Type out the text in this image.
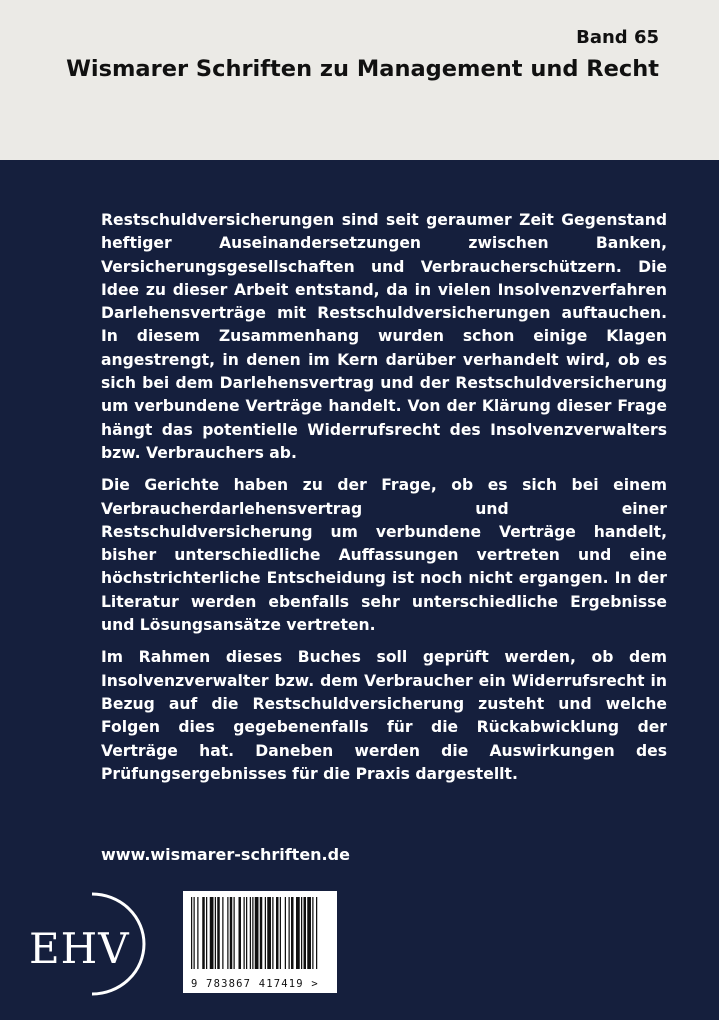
Band 65
Wismarer Schriften zu Management und Recht

Restschuldversicherungen sind seit geraumer Zeit Gegenstand heftiger Auseinandersetzungen zwischen Banken, Versicherungsgesellschaften und Verbraucherschützern. Die Idee zu dieser Arbeit entstand, da in vielen Insolvenzverfahren Darlehensverträge mit Restschuldversicherungen auftauchen. In diesem Zusammenhang wurden schon einige Klagen angestrengt, in denen im Kern darüber verhandelt wird, ob es sich bei dem Darlehensvertrag und der Restschuldversicherung um verbundene Verträge handelt. Von der Klärung dieser Frage hängt das potentielle Widerrufsrecht des Insolvenzverwalters bzw. Verbrauchers ab.

Die Gerichte haben zu der Frage, ob es sich bei einem Verbraucherdarlehensvertrag und einer Restschuldversicherung um verbundene Verträge handelt, bisher unterschiedliche Auffassungen vertreten und eine höchstrichterliche Entscheidung ist noch nicht ergangen. In der Literatur werden ebenfalls sehr unterschiedliche Ergebnisse und Lösungsansätze vertreten.

Im Rahmen dieses Buches soll geprüft werden, ob dem Insolvenzverwalter bzw. dem Verbraucher ein Widerrufsrecht in Bezug auf die Restschuldversicherung zusteht und welche Folgen dies gegebenenfalls für die Rückabwicklung der Verträge hat. Daneben werden die Auswirkungen des Prüfungsergebnisses für die Praxis dargestellt.

www.wismarer-schriften.de
EHV
9 783867 417419 >
